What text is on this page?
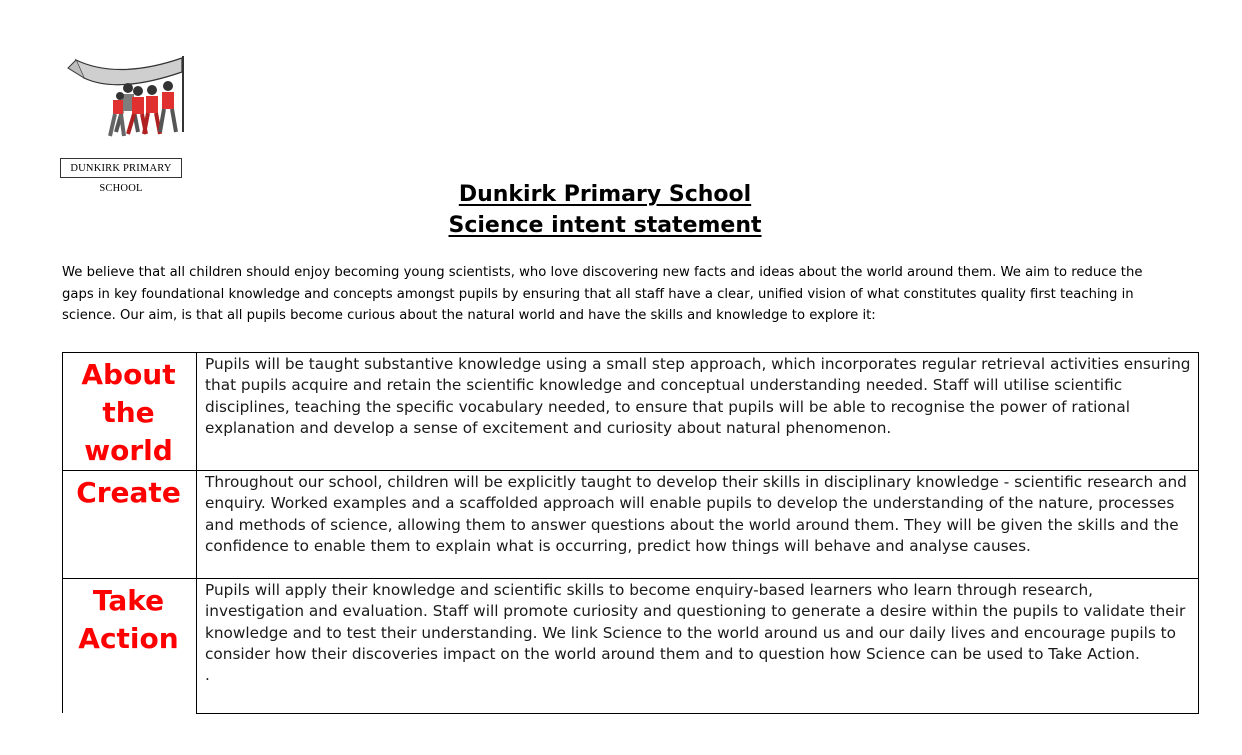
DUNKIRK PRIMARY SCHOOL	Dunkirk Primary School
Science intent statement
We believe that all children should enjoy becoming young scientists, who love discovering new facts and ideas about the world around them. We aim to reduce the gaps in key foundational knowledge and concepts amongst pupils by ensuring that all staff have a clear, unified vision of what constitutes quality first teaching in science. Our aim, is that all pupils become curious about the natural world and have the skills and knowledge to explore it:
About the world	Pupils will be taught substantive knowledge using a small step approach, which incorporates regular retrieval activities ensuring that pupils acquire and retain the scientific knowledge and conceptual understanding needed. Staff will utilise scientific disciplines, teaching the specific vocabulary needed, to ensure that pupils will be able to recognise the power of rational explanation and develop a sense of excitement and curiosity about natural phenomenon.
Create	Throughout our school, children will be explicitly taught to develop their skills in disciplinary knowledge - scientific research and enquiry. Worked examples and a scaffolded approach will enable pupils to develop the understanding of the nature, processes and methods of science, allowing them to answer questions about the world around them. They will be given the skills and the confidence to enable them to explain what is occurring, predict how things will behave and analyse causes.
Take Action	Pupils will apply their knowledge and scientific skills to become enquiry-based learners who learn through research, investigation and evaluation. Staff will promote curiosity and questioning to generate a desire within the pupils to validate their knowledge and to test their understanding. We link Science to the world around us and our daily lives and encourage pupils to consider how their discoveries impact on the world around them and to question how Science can be used to Take Action.
.
